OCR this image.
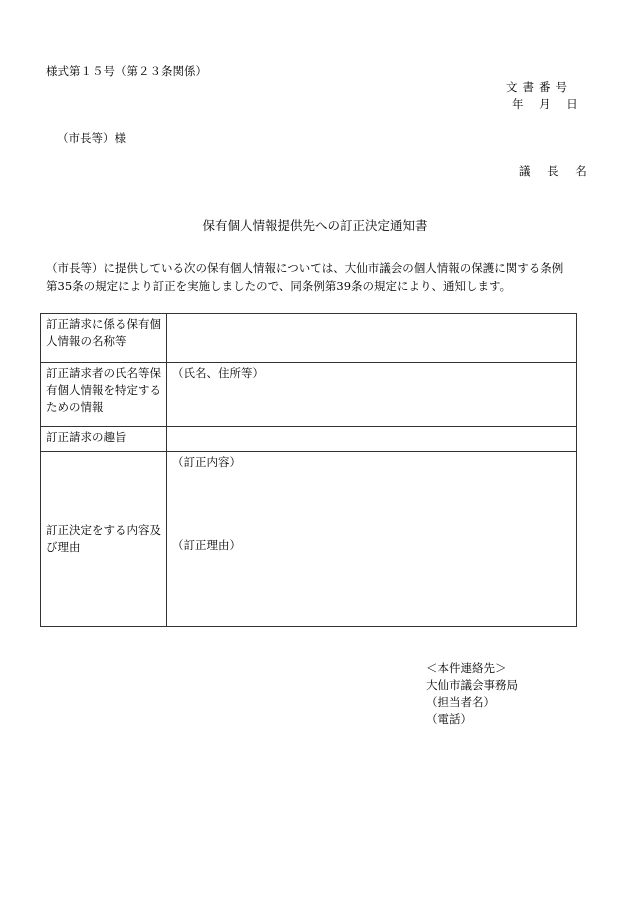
様式第１５号（第２３条関係）
文書番号
年 月 日
（市長等）様
議 長 名
保有個人情報提供先への訂正決定通知書

（市長等）に提供している次の保有個人情報については、大仙市議会の個人情報の保護に関する条例

第35条の規定により訂正を実施しましたので、同条例第39条の規定により、通知します。

訂正請求に係る保有個人情報の名称等	
訂正請求者の氏名等保有個人情報を特定するための情報	（氏名、住所等）
訂正請求の趣旨	
訂正決定をする内容及び理由	（訂正内容）
（訂正理由）
＜本件連絡先＞
大仙市議会事務局
（担当者名）
（電話）
